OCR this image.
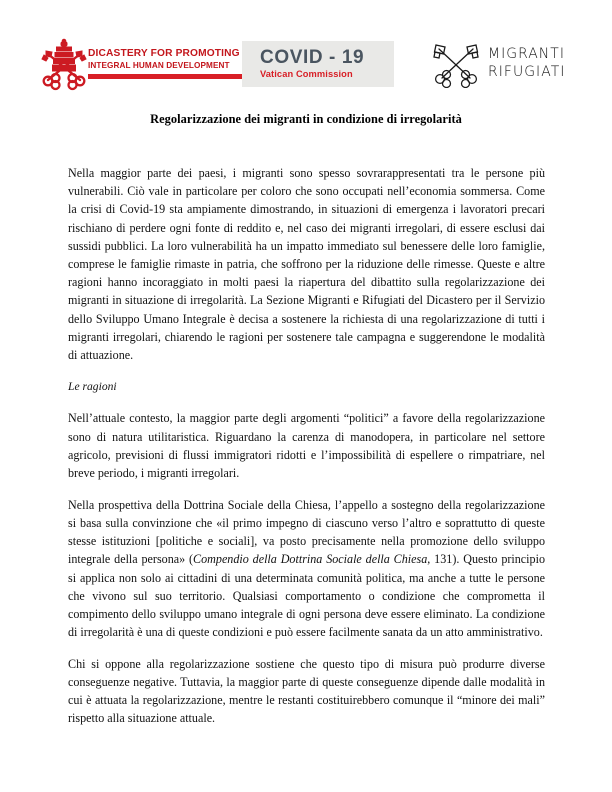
DICASTERY FOR PROMOTING
INTEGRAL HUMAN DEVELOPMENT	COVID - 19
Vatican Commission
MIGRANTI
RIFUGIATI
Regolarizzazione dei migranti in condizione di irregolarità

Nella maggior parte dei paesi, i migranti sono spesso sovrarappresentati tra le persone più vulnerabili. Ciò vale in particolare per coloro che sono occupati nell’economia sommersa. Come la crisi di Covid-19 sta ampiamente dimostrando, in situazioni di emergenza i lavoratori precari rischiano di perdere ogni fonte di reddito e, nel caso dei migranti irregolari, di essere esclusi dai sussidi pubblici. La loro vulnerabilità ha un impatto immediato sul benessere delle loro famiglie, comprese le famiglie rimaste in patria, che soffrono per la riduzione delle rimesse. Queste e altre ragioni hanno incoraggiato in molti paesi la riapertura del dibattito sulla regolarizzazione dei migranti in situazione di irregolarità. La Sezione Migranti e Rifugiati del Dicastero per il Servizio dello Sviluppo Umano Integrale è decisa a sostenere la richiesta di una regolarizzazione di tutti i migranti irregolari, chiarendo le ragioni per sostenere tale campagna e suggerendone le modalità di attuazione.

Le ragioni

Nell’attuale contesto, la maggior parte degli argomenti “politici” a favore della regolarizzazione sono di natura utilitaristica. Riguardano la carenza di manodopera, in particolare nel settore agricolo, previsioni di flussi immigratori ridotti e l’impossibilità di espellere o rimpatriare, nel breve periodo, i migranti irregolari.

Nella prospettiva della Dottrina Sociale della Chiesa, l’appello a sostegno della regolarizzazione si basa sulla convinzione che «il primo impegno di ciascuno verso l’altro e soprattutto di queste stesse istituzioni [politiche e sociali], va posto precisamente nella promozione dello sviluppo integrale della persona» (Compendio della Dottrina Sociale della Chiesa, 131). Questo principio si applica non solo ai cittadini di una determinata comunità politica, ma anche a tutte le persone che vivono sul suo territorio. Qualsiasi comportamento o condizione che comprometta il compimento dello sviluppo umano integrale di ogni persona deve essere eliminato. La condizione di irregolarità è una di queste condizioni e può essere facilmente sanata da un atto amministrativo.

Chi si oppone alla regolarizzazione sostiene che questo tipo di misura può produrre diverse conseguenze negative. Tuttavia, la maggior parte di queste conseguenze dipende dalle modalità in cui è attuata la regolarizzazione, mentre le restanti costituirebbero comunque il “minore dei mali” rispetto alla situazione attuale.
